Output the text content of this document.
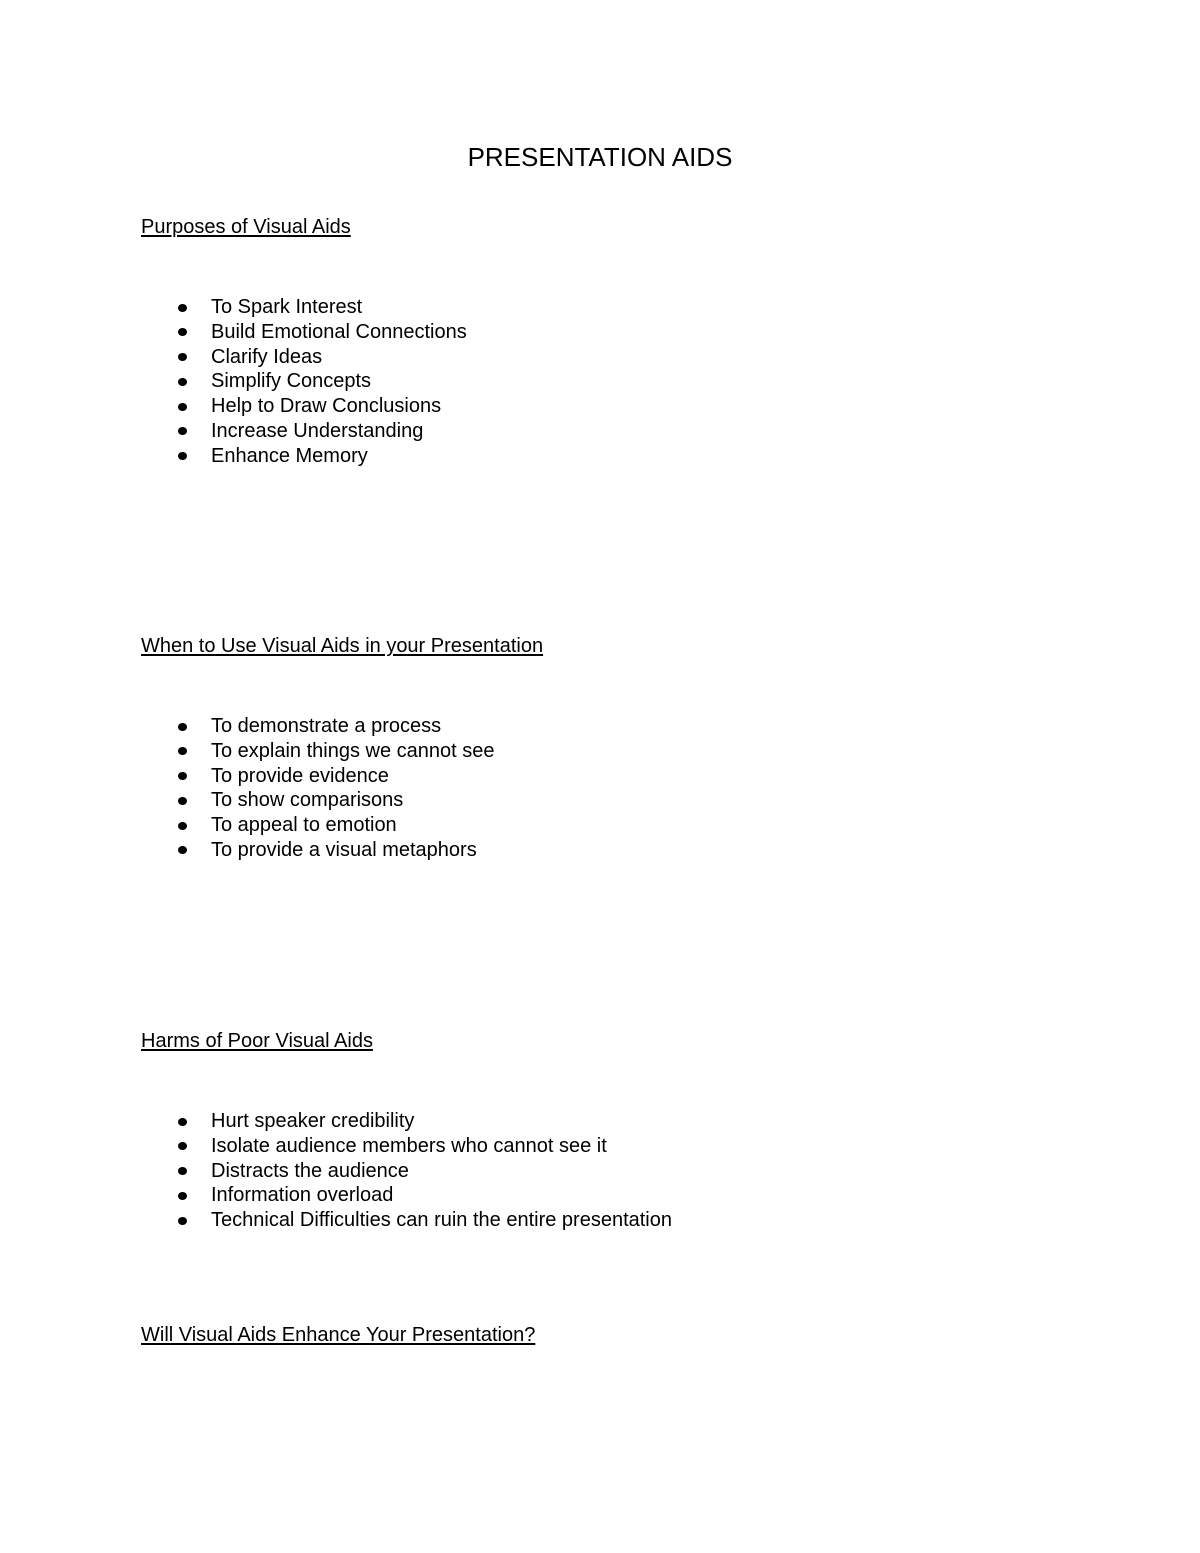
PRESENTATION AIDS
Purposes of Visual Aids
To Spark Interest
Build Emotional Connections
Clarify Ideas
Simplify Concepts
Help to Draw Conclusions
Increase Understanding
Enhance Memory
When to Use Visual Aids in your Presentation
To demonstrate a process
To explain things we cannot see
To provide evidence
To show comparisons
To appeal to emotion
To provide a visual metaphors
Harms of Poor Visual Aids
Hurt speaker credibility
Isolate audience members who cannot see it
Distracts the audience
Information overload
Technical Difficulties can ruin the entire presentation
Will Visual Aids Enhance Your Presentation?
